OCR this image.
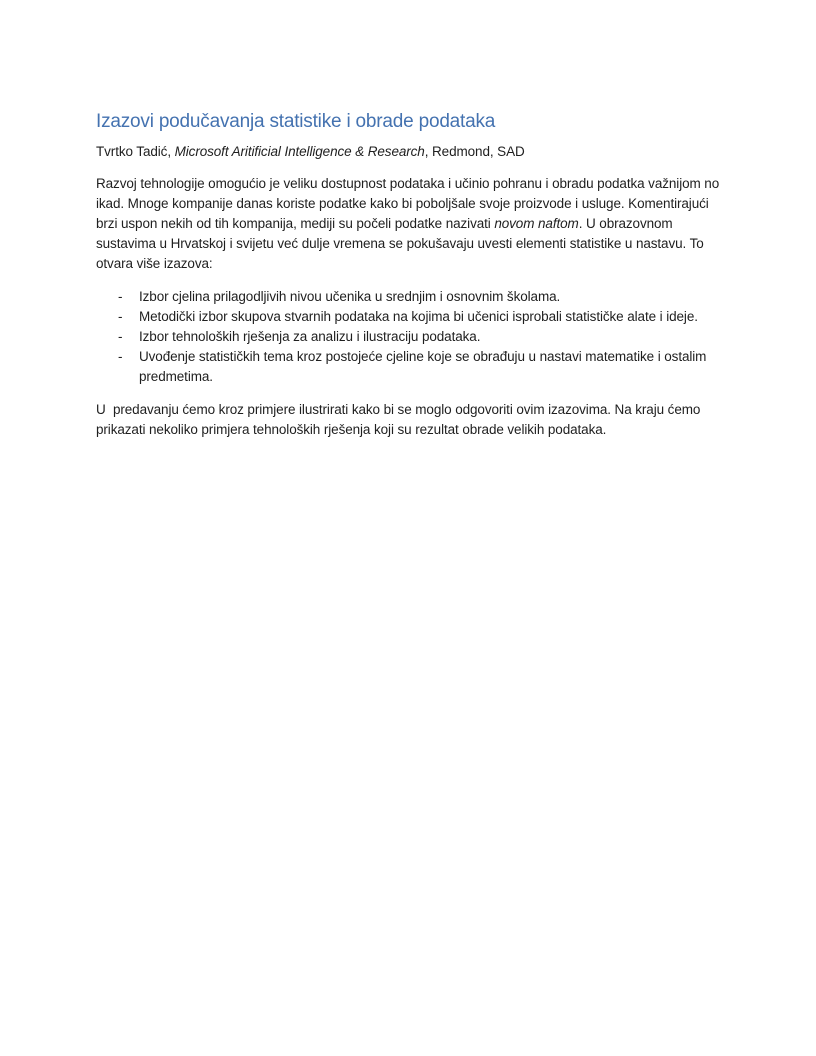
Izazovi podučavanja statistike i obrade podataka

Tvrtko Tadić, Microsoft Aritificial Intelligence & Research, Redmond, SAD

Razvoj tehnologije omogućio je veliku dostupnost podataka i učinio pohranu i obradu podatka važnijom no ikad. Mnoge kompanije danas koriste podatke kako bi poboljšale svoje proizvode i usluge. Komentirajući brzi uspon nekih od tih kompanija, mediji su počeli podatke nazivati novom naftom. U obrazovnom sustavima u Hrvatskoj i svijetu već dulje vremena se pokušavaju uvesti elementi statistike u nastavu. To otvara više izazova:

-	Izbor cjelina prilagodljivih nivou učenika u srednjim i osnovnim školama.
-	Metodički izbor skupova stvarnih podataka na kojima bi učenici isprobali statističke alate i ideje.
-	Izbor tehnoloških rješenja za analizu i ilustraciju podataka.
-	Uvođenje statističkih tema kroz postojeće cjeline koje se obrađuju u nastavi matematike i ostalim predmetima.

U  predavanju ćemo kroz primjere ilustrirati kako bi se moglo odgovoriti ovim izazovima. Na kraju ćemo prikazati nekoliko primjera tehnoloških rješenja koji su rezultat obrade velikih podataka.
